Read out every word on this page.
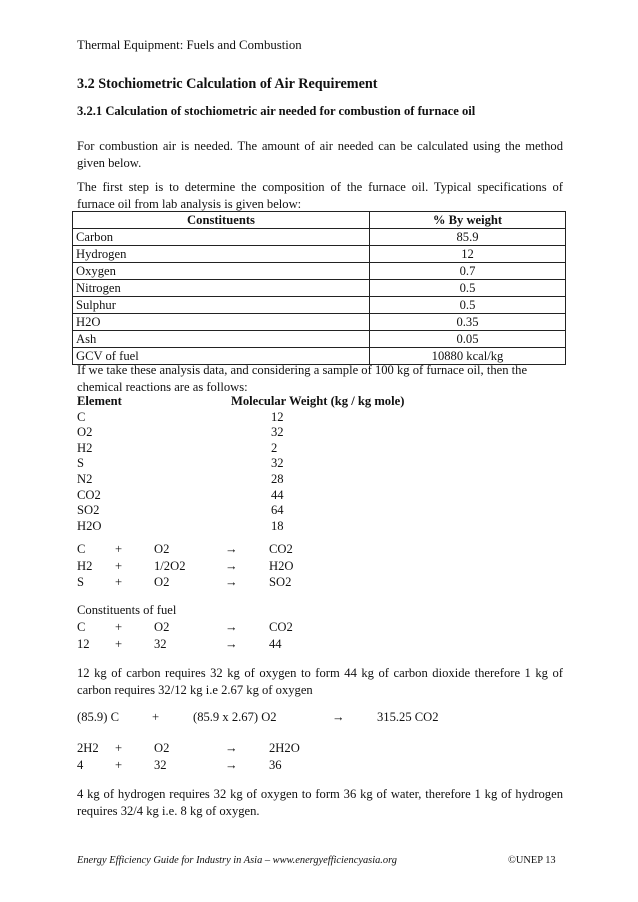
Thermal Equipment: Fuels and Combustion
3.2 Stochiometric Calculation of Air Requirement
3.2.1 Calculation of stochiometric air needed for combustion of furnace oil
For combustion air is needed. The amount of air needed can be calculated using the method
given below.
The first step is to determine the composition of the furnace oil. Typical specifications of
furnace oil from lab analysis is given below:
Constituents	% By weight
Carbon	85.9
Hydrogen	12
Oxygen	0.7
Nitrogen	0.5
Sulphur	0.5
H2O	0.35
Ash	0.05
GCV of fuel	10880 kcal/kg
If we take these analysis data, and considering a sample of 100 kg of furnace oil, then the
chemical reactions are as follows:
Element	Molecular Weight (kg / kg mole)
C	12
O2	32
H2	2
S	32
N2	28
CO2	44
SO2	64
H2O	18
C +	O2	→ CO2
H2 +	1/2O2	→ H2O
S +	O2	→ SO2
Constituents of fuel
C +	O2	→ CO2
12 +	32	→ 44
12 kg of carbon requires 32 kg of oxygen to form 44 kg of carbon dioxide therefore 1 kg of
carbon requires 32/12 kg i.e 2.67 kg of oxygen
(85.9) C	+	(85.9 x 2.67) O2	→	315.25 CO2
2H2 +	O2	→ 2H2O
4	+	32	→ 36
4 kg of hydrogen requires 32 kg of oxygen to form 36 kg of water, therefore 1 kg of hydrogen
requires 32/4 kg i.e. 8 kg of oxygen.
Energy Efficiency Guide for Industry in Asia – www.energyefficiencyasia.org	©UNEP 13
